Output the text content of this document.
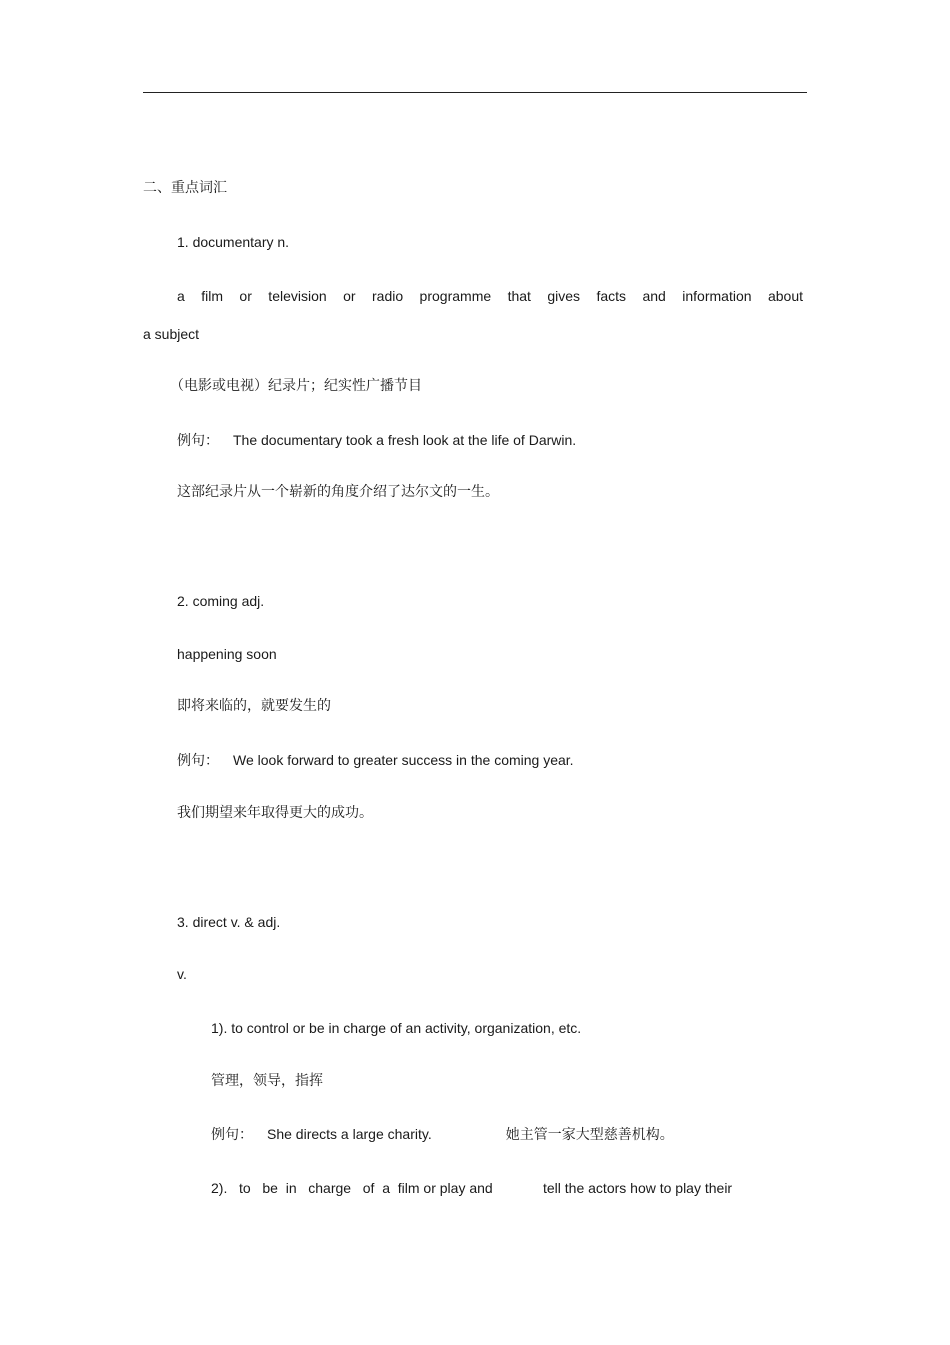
二、重点词汇
1. documentary n.
a film or television or radio programme that gives facts and information about
a subject
（电影或电视）纪录片；纪实性广播节目
例句： The documentary took a fresh look at the life of Darwin.
这部纪录片从一个崭新的角度介绍了达尔文的一生。
2. coming adj.
happening soon
即将来临的，就要发生的
例句： We look forward to greater success in the coming year.
我们期望来年取得更大的成功。
3. direct v. & adj.
v.
1). to control or be in charge of an activity, organization, etc.
管理，领导，指挥
例句： She directs a large charity.	她主管一家大型慈善机构。
2).   to   be  in   charge   of  a  film or play and	tell the actors how to play their
